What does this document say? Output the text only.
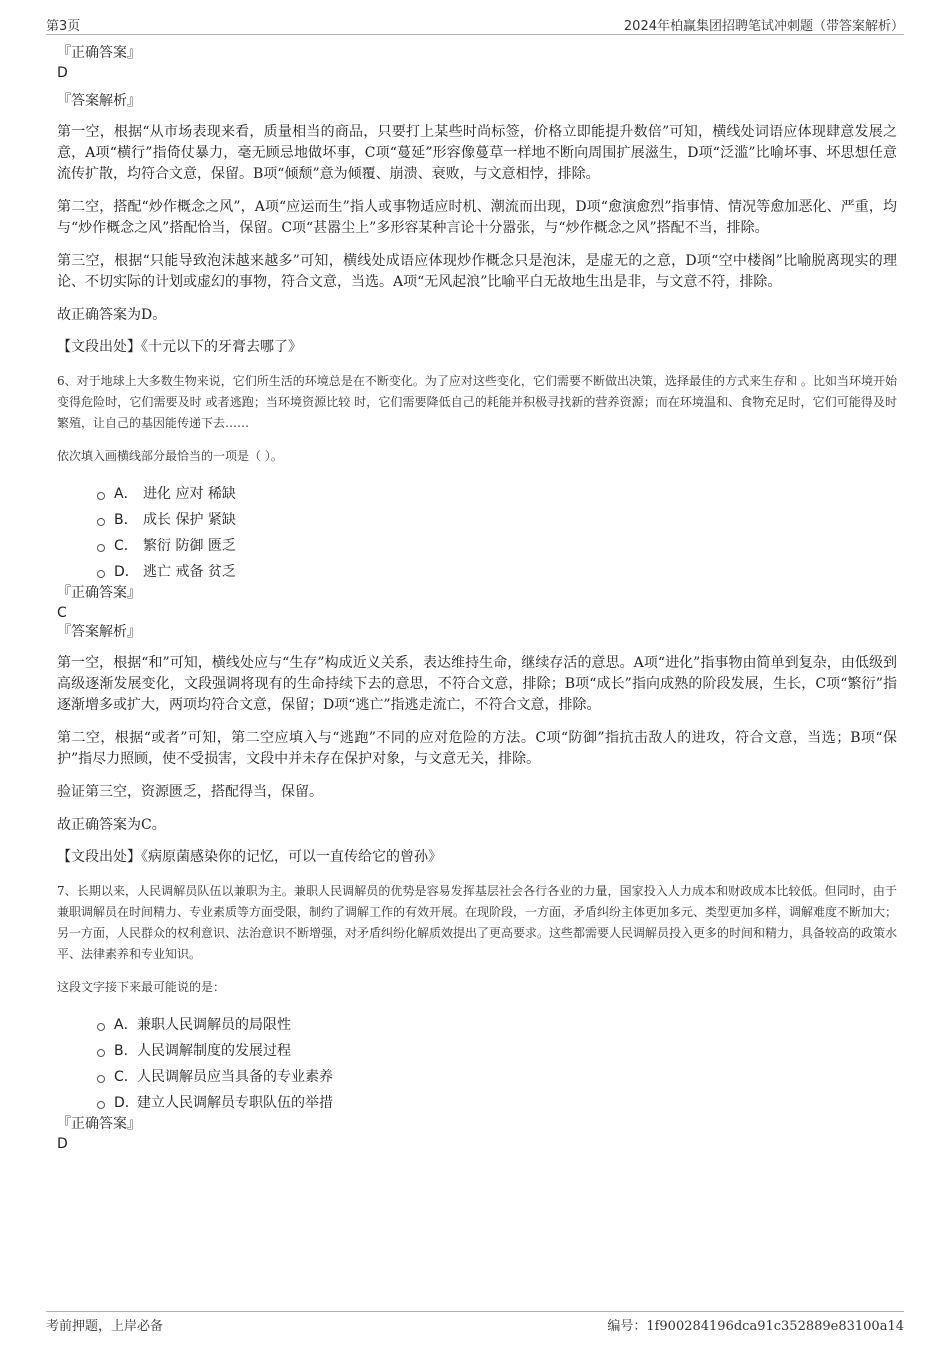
第3页	2024年柏赢集团招聘笔试冲刺题（带答案解析）

『正确答案』

D

『答案解析』

第一空，根据“从市场表现来看，质量相当的商品，只要打上某些时尚标签，价格立即能提升数倍”可知，横线处词语应体现肆意发展之意，A项“横行”指倚仗暴力，毫无顾忌地做坏事，C项“蔓延”形容像蔓草一样地不断向周围扩展滋生，D项“泛滥”比喻坏事、坏思想任意流传扩散，均符合文意，保留。B项“倾颓”意为倾覆、崩溃、衰败，与文意相悖，排除。

第二空，搭配“炒作概念之风”，A项“应运而生”指人或事物适应时机、潮流而出现，D项“愈演愈烈”指事情、情况等愈加恶化、严重，均与“炒作概念之风”搭配恰当，保留。C项“甚嚣尘上”多形容某种言论十分嚣张，与“炒作概念之风”搭配不当，排除。

第三空，根据“只能导致泡沫越来越多”可知，横线处成语应体现炒作概念只是泡沫，是虚无的之意，D项“空中楼阁”比喻脱离现实的理论、不切实际的计划或虚幻的事物，符合文意，当选。A项“无风起浪”比喻平白无故地生出是非，与文意不符，排除。

故正确答案为D。

【文段出处】《十元以下的牙膏去哪了》

6、对于地球上大多数生物来说，它们所生活的环境总是在不断变化。为了应对这些变化，它们需要不断做出决策，选择最佳的方式来生存和 。比如当环境开始变得危险时，它们需要及时 或者逃跑；当环境资源比较 时，它们需要降低自己的耗能并积极寻找新的营养资源；而在环境温和、食物充足时，它们可能得及时繁殖，让自己的基因能传递下去……

依次填入画横线部分最恰当的一项是（ ）。

A． 进化 应对 稀缺
B． 成长 保护 紧缺
C． 繁衍 防御 匮乏
D． 逃亡 戒备 贫乏

『正确答案』

C

『答案解析』

第一空，根据“和”可知，横线处应与“生存”构成近义关系，表达维持生命，继续存活的意思。A项“进化”指事物由简单到复杂，由低级到高级逐渐发展变化，文段强调将现有的生命持续下去的意思，不符合文意，排除；B项“成长”指向成熟的阶段发展，生长，C项“繁衍”指逐渐增多或扩大，两项均符合文意，保留；D项“逃亡”指逃走流亡，不符合文意，排除。

第二空，根据“或者”可知，第二空应填入与“逃跑”不同的应对危险的方法。C项“防御”指抗击敌人的进攻，符合文意，当选；B项“保护”指尽力照顾，使不受损害，文段中并未存在保护对象，与文意无关，排除。

验证第三空，资源匮乏，搭配得当，保留。

故正确答案为C。

【文段出处】《病原菌感染你的记忆，可以一直传给它的曾孙》

7、长期以来，人民调解员队伍以兼职为主。兼职人民调解员的优势是容易发挥基层社会各行各业的力量，国家投入人力成本和财政成本比较低。但同时，由于兼职调解员在时间精力、专业素质等方面受限，制约了调解工作的有效开展。在现阶段，一方面，矛盾纠纷主体更加多元、类型更加多样，调解难度不断加大；另一方面，人民群众的权利意识、法治意识不断增强，对矛盾纠纷化解质效提出了更高要求。这些都需要人民调解员投入更多的时间和精力，具备较高的政策水平、法律素养和专业知识。

这段文字接下来最可能说的是：

A． 兼职人民调解员的局限性
B． 人民调解制度的发展过程
C． 人民调解员应当具备的专业素养
D．
建立人民调解员专职队伍的举措

『正确答案』

D

考前押题，上岸必备	编号：1f900284196dca91c352889e83100a14
